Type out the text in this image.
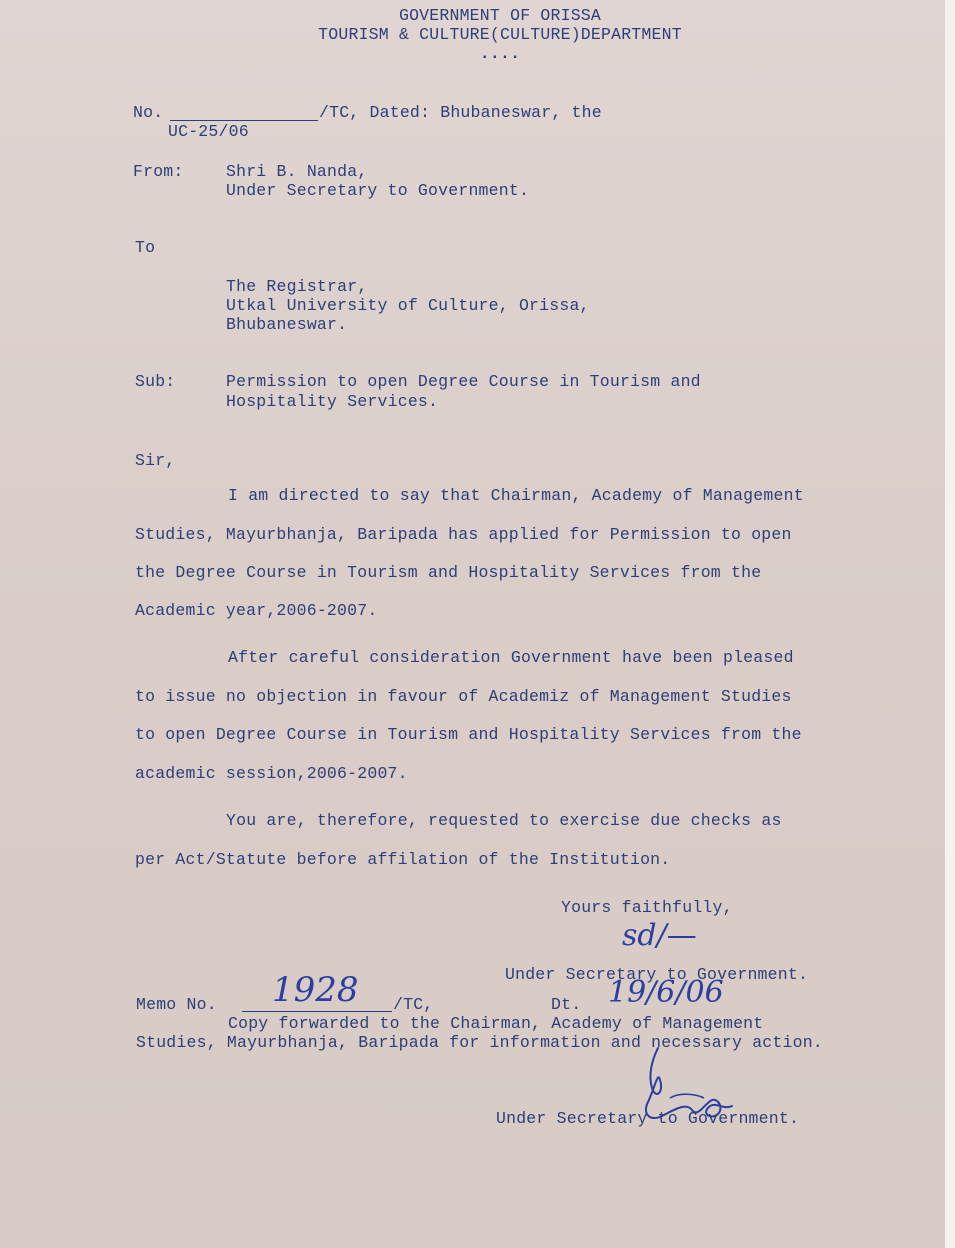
GOVERNMENT OF ORISSA
TOURISM & CULTURE(CULTURE)DEPARTMENT
....
No.	/TC, Dated: Bhubaneswar, the
UC-25/06
From:	Shri B. Nanda,
Under Secretary to Government.
To
The Registrar,
Utkal University of Culture, Orissa,
Bhubaneswar.
Sub:	Permission to open Degree Course in Tourism and
Hospitality Services.
Sir,
I am directed to say that Chairman, Academy of Management
Studies, Mayurbhanja, Baripada has applied for Permission to open
the Degree Course in Tourism and Hospitality Services from the
Academic year,2006-2007.
After careful consideration Government have been pleased
to issue no objection in favour of Academiz of Management Studies
to open Degree Course in Tourism and Hospitality Services from the
academic session,2006-2007.
You are, therefore, requested to exercise due checks as
per Act/Statute before affilation of the Institution.
Yours faithfully,
sd/—
Under Secretary to Government.
Memo No. 1928 /TC,	Dt. 19/6/06
Copy forwarded to the Chairman, Academy of Management
Studies, Mayurbhanja, Baripada for information and necessary action.
Under Secretary to Government.
